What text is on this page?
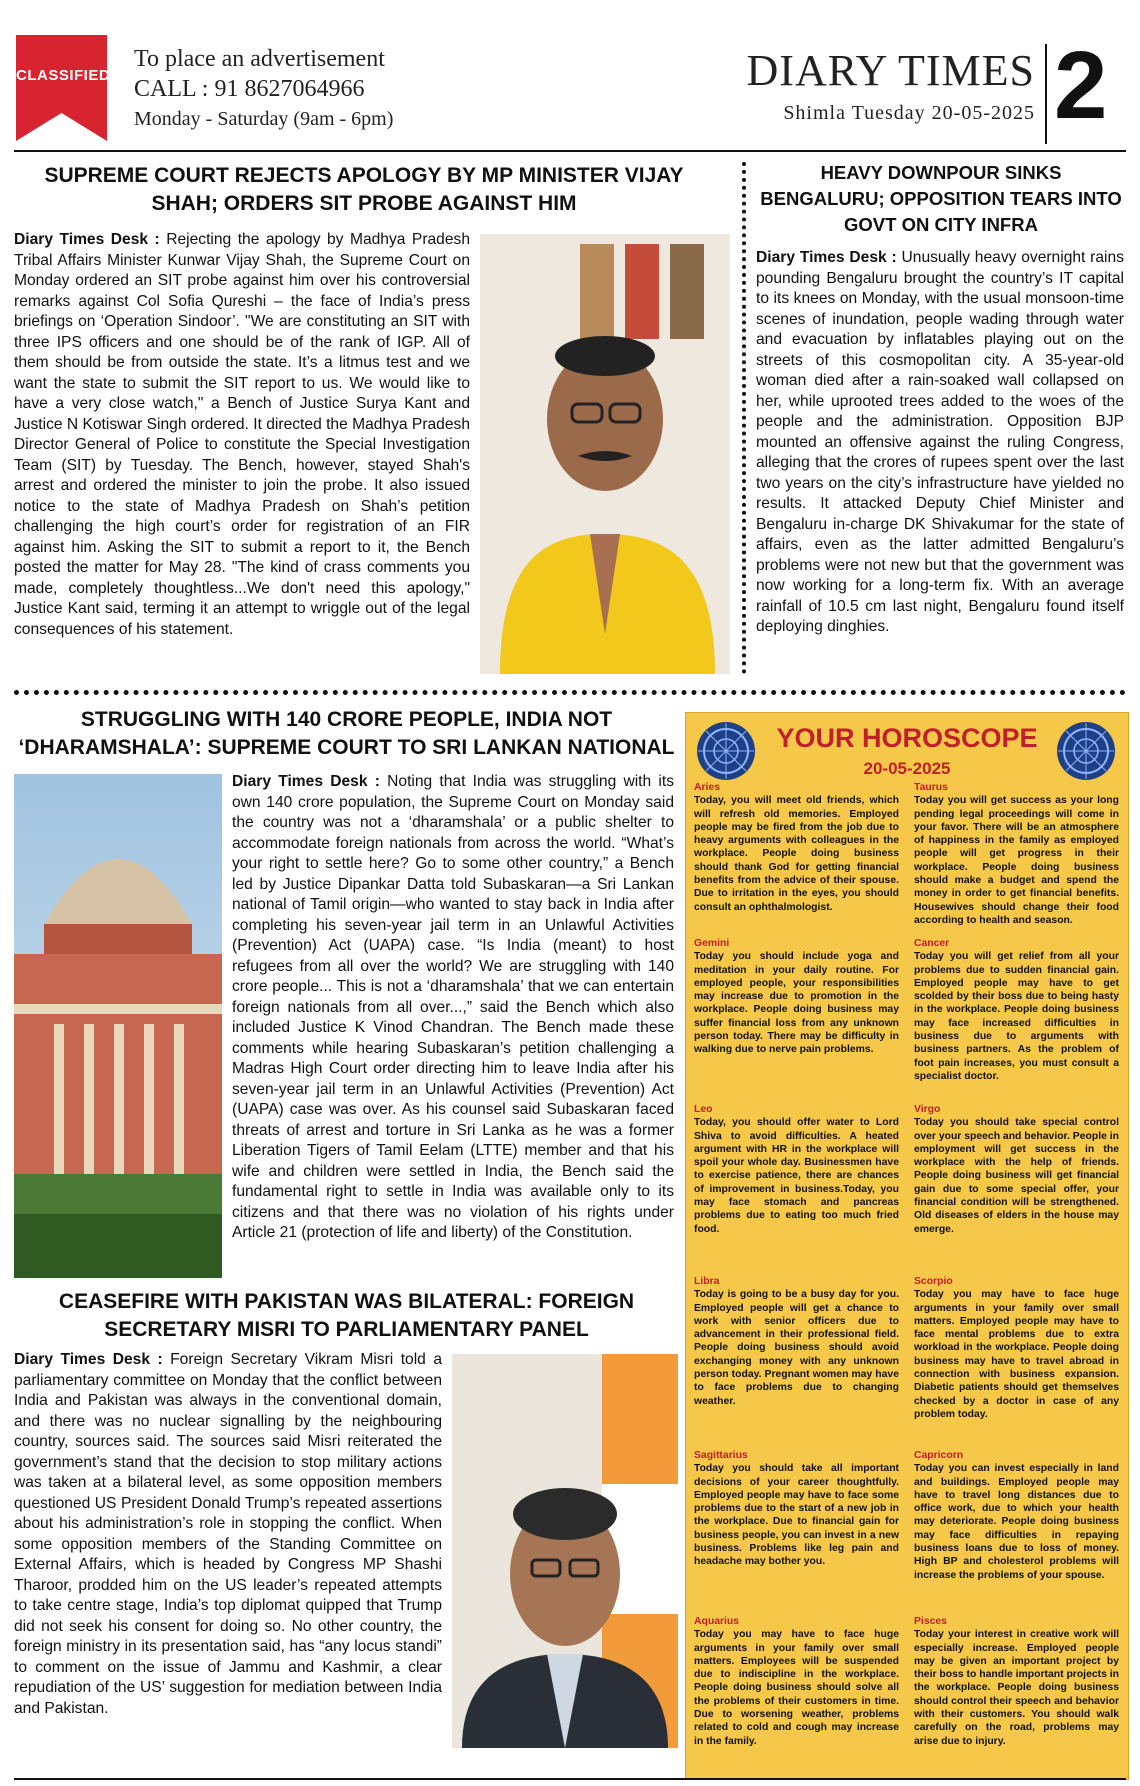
CLASSIFIED
To place an advertisement
CALL : 91 8627064966
Monday - Saturday (9am - 6pm)
DIARY TIMES
Shimla Tuesday 20-05-2025 2
SUPREME COURT REJECTS APOLOGY BY MP MINISTER VIJAY SHAH; ORDERS SIT PROBE AGAINST HIM
Diary Times Desk : Rejecting the apology by Madhya Pradesh Tribal Affairs Minister Kunwar Vijay Shah, the Supreme Court on Monday ordered an SIT probe against him over his controversial remarks against Col Sofia Qureshi – the face of India’s press briefings on ‘Operation Sindoor’. "We are constituting an SIT with three IPS officers and one should be of the rank of IGP. All of them should be from outside the state. It’s a litmus test and we want the state to submit the SIT report to us. We would like to have a very close watch," a Bench of Justice Surya Kant and Justice N Kotiswar Singh ordered. It directed the Madhya Pradesh Director General of Police to constitute the Special Investigation Team (SIT) by Tuesday. The Bench, however, stayed Shah's arrest and ordered the minister to join the probe. It also issued notice to the state of Madhya Pradesh on Shah’s petition challenging the high court’s order for registration of an FIR against him. Asking the SIT to submit a report to it, the Bench posted the matter for May 28. "The kind of crass comments you made, completely thoughtless...We don't need this apology," Justice Kant said, terming it an attempt to wriggle out of the legal consequences of his statement.
HEAVY DOWNPOUR SINKS BENGALURU; OPPOSITION TEARS INTO GOVT ON CITY INFRA
Diary Times Desk : Unusually heavy overnight rains pounding Bengaluru brought the country’s IT capital to its knees on Monday, with the usual monsoon-time scenes of inundation, people wading through water and evacuation by inflatables playing out on the streets of this cosmopolitan city. A 35-year-old woman died after a rain-soaked wall collapsed on her, while uprooted trees added to the woes of the people and the administration. Opposition BJP mounted an offensive against the ruling Congress, alleging that the crores of rupees spent over the last two years on the city’s infrastructure have yielded no results. It attacked Deputy Chief Minister and Bengaluru in-charge DK Shivakumar for the state of affairs, even as the latter admitted Bengaluru’s problems were not new but that the government was now working for a long-term fix. With an average rainfall of 10.5 cm last night, Bengaluru found itself deploying dinghies.
STRUGGLING WITH 140 CRORE PEOPLE, INDIA NOT ‘DHARAMSHALA’: SUPREME COURT TO SRI LANKAN NATIONAL
Diary Times Desk : Noting that India was struggling with its own 140 crore population, the Supreme Court on Monday said the country was not a ‘dharamshala’ or a public shelter to accommodate foreign nationals from across the world. “What’s your right to settle here? Go to some other country,” a Bench led by Justice Dipankar Datta told Subaskaran—a Sri Lankan national of Tamil origin—who wanted to stay back in India after completing his seven-year jail term in an Unlawful Activities (Prevention) Act (UAPA) case. “Is India (meant) to host refugees from all over the world? We are struggling with 140 crore people... This is not a ‘dharamshala’ that we can entertain foreign nationals from all over...,” said the Bench which also included Justice K Vinod Chandran. The Bench made these comments while hearing Subaskaran’s petition challenging a Madras High Court order directing him to leave India after his seven-year jail term in an Unlawful Activities (Prevention) Act (UAPA) case was over. As his counsel said Subaskaran faced threats of arrest and torture in Sri Lanka as he was a former Liberation Tigers of Tamil Eelam (LTTE) member and that his wife and children were settled in India, the Bench said the fundamental right to settle in India was available only to its citizens and that there was no violation of his rights under Article 21 (protection of life and liberty) of the Constitution.
CEASEFIRE WITH PAKISTAN WAS BILATERAL: FOREIGN SECRETARY MISRI TO PARLIAMENTARY PANEL
Diary Times Desk : Foreign Secretary Vikram Misri told a parliamentary committee on Monday that the conflict between India and Pakistan was always in the conventional domain, and there was no nuclear signalling by the neighbouring country, sources said. The sources said Misri reiterated the government’s stand that the decision to stop military actions was taken at a bilateral level, as some opposition members questioned US President Donald Trump’s repeated assertions about his administration’s role in stopping the conflict. When some opposition members of the Standing Committee on External Affairs, which is headed by Congress MP Shashi Tharoor, prodded him on the US leader’s repeated attempts to take centre stage, India’s top diplomat quipped that Trump did not seek his consent for doing so. No other country, the foreign ministry in its presentation said, has “any locus standi” to comment on the issue of Jammu and Kashmir, a clear repudiation of the US’ suggestion for mediation between India and Pakistan.
YOUR HOROSCOPE
20-05-2025
Aries
Today, you will meet old friends, which will refresh old memories. Employed people may be fired from the job due to heavy arguments with colleagues in the workplace. People doing business should thank God for getting financial benefits from the advice of their spouse. Due to irritation in the eyes, you should consult an ophthalmologist.
Taurus
Today you will get success as your long pending legal proceedings will come in your favor. There will be an atmosphere of happiness in the family as employed people will get progress in their workplace. People doing business should make a budget and spend the money in order to get financial benefits. Housewives should change their food according to health and season.
Gemini
Today you should include yoga and meditation in your daily routine. For employed people, your responsibilities may increase due to promotion in the workplace. People doing business may suffer financial loss from any unknown person today. There may be difficulty in walking due to nerve pain problems.
Cancer
Today you will get relief from all your problems due to sudden financial gain. Employed people may have to get scolded by their boss due to being hasty in the workplace. People doing business may face increased difficulties in business due to arguments with business partners. As the problem of foot pain increases, you must consult a specialist doctor.
Leo
Today, you should offer water to Lord Shiva to avoid difficulties. A heated argument with HR in the workplace will spoil your whole day. Businessmen have to exercise patience, there are chances of improvement in business.Today, you may face stomach and pancreas problems due to eating too much fried food.
Virgo
Today you should take special control over your speech and behavior. People in employment will get success in the workplace with the help of friends. People doing business will get financial gain due to some special offer, your financial condition will be strengthened. Old diseases of elders in the house may emerge.
Libra
Today is going to be a busy day for you. Employed people will get a chance to work with senior officers due to advancement in their professional field. People doing business should avoid exchanging money with any unknown person today. Pregnant women may have to face problems due to changing weather.
Scorpio
Today you may have to face huge arguments in your family over small matters. Employed people may have to face mental problems due to extra workload in the workplace. People doing business may have to travel abroad in connection with business expansion. Diabetic patients should get themselves checked by a doctor in case of any problem today.
Sagittarius
Today you should take all important decisions of your career thoughtfully. Employed people may have to face some problems due to the start of a new job in the workplace. Due to financial gain for business people, you can invest in a new business. Problems like leg pain and headache may bother you.
Capricorn
Today you can invest especially in land and buildings. Employed people may have to travel long distances due to office work, due to which your health may deteriorate. People doing business may face difficulties in repaying business loans due to loss of money. High BP and cholesterol problems will increase the problems of your spouse.
Aquarius
Today you may have to face huge arguments in your family over small matters. Employees will be suspended due to indiscipline in the workplace. People doing business should solve all the problems of their customers in time. Due to worsening weather, problems related to cold and cough may increase in the family.
Pisces
Today your interest in creative work will especially increase. Employed people may be given an important project by their boss to handle important projects in the workplace. People doing business should control their speech and behavior with their customers. You should walk carefully on the road, problems may arise due to injury.
